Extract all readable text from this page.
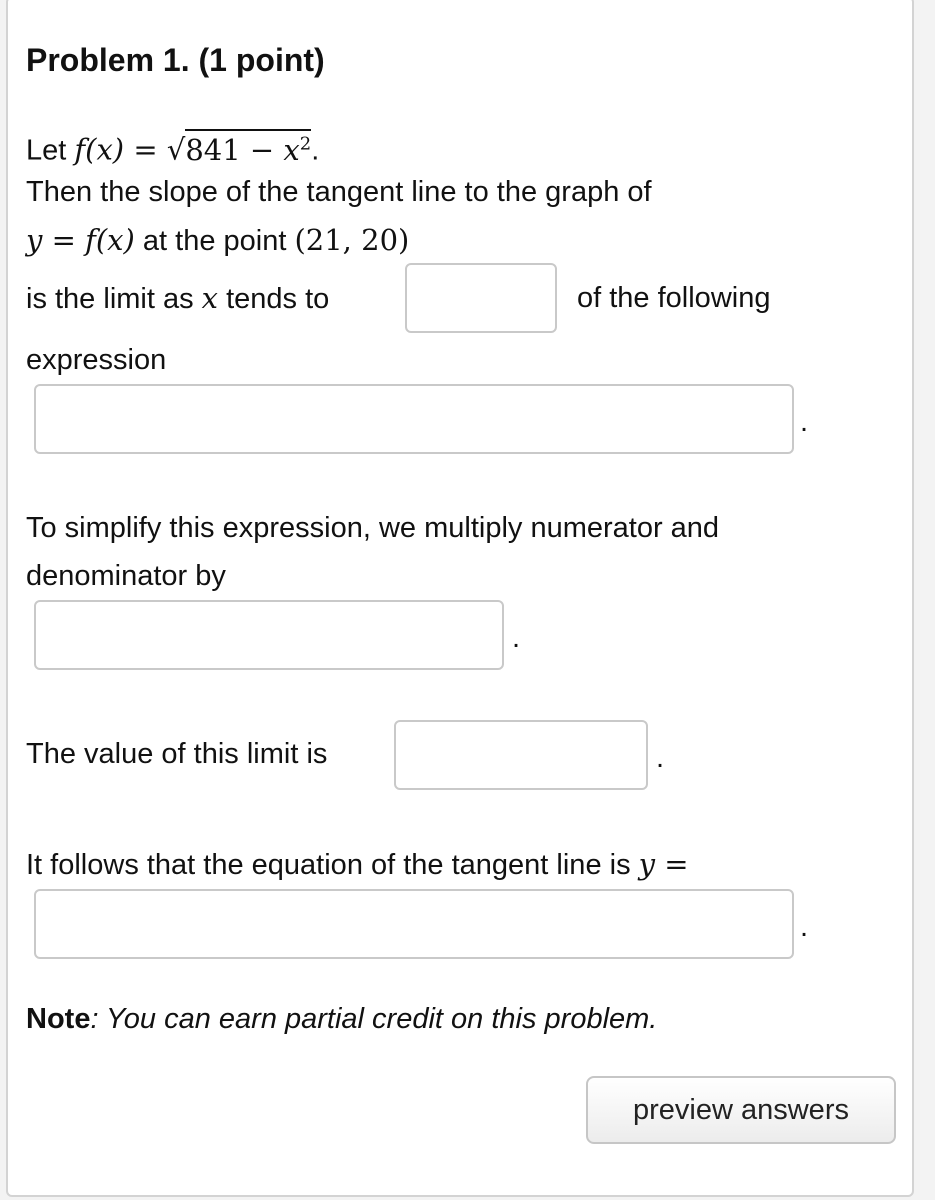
Problem 1. (1 point)
Let $f(x) = √841 - x^2$.
Then the slope of the tangent line to the graph of
y = f(x) at the point (21, 20)
is the limit as x tends to	of the following
expression
.
To simplify this expression, we multiply numerator and
denominator by
.
The value of this limit is	.
It follows that the equation of the tangent line is y =
.
Note: You can earn partial credit on this problem.
preview answers
